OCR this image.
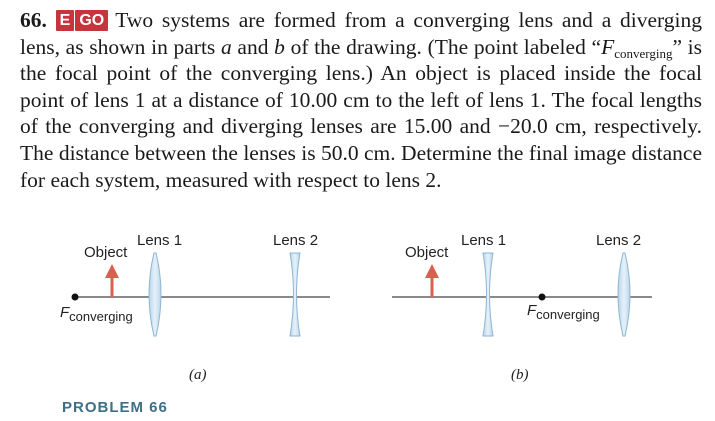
66. E GO Two systems are formed from a converging lens and a diverging lens, as shown in parts a and b of the drawing. (The point labeled “$F_{converging}$” is the focal point of the converging lens.) An object is placed inside the focal point of lens 1 at a distance of 10.00 cm to the left of lens 1. The focal lengths of the converging and diverging lenses are 15.00 and −20.0 cm, respectively. The distance between the lenses is 50.0 cm. Determine the final image distance for each system, measured with respect to lens 2.
Object
Lens 1	Lens 2
$F_{converging}$
(a)
Object
Lens 1	Lens 2
$F_{converging}$
(b)
PROBLEM 66
